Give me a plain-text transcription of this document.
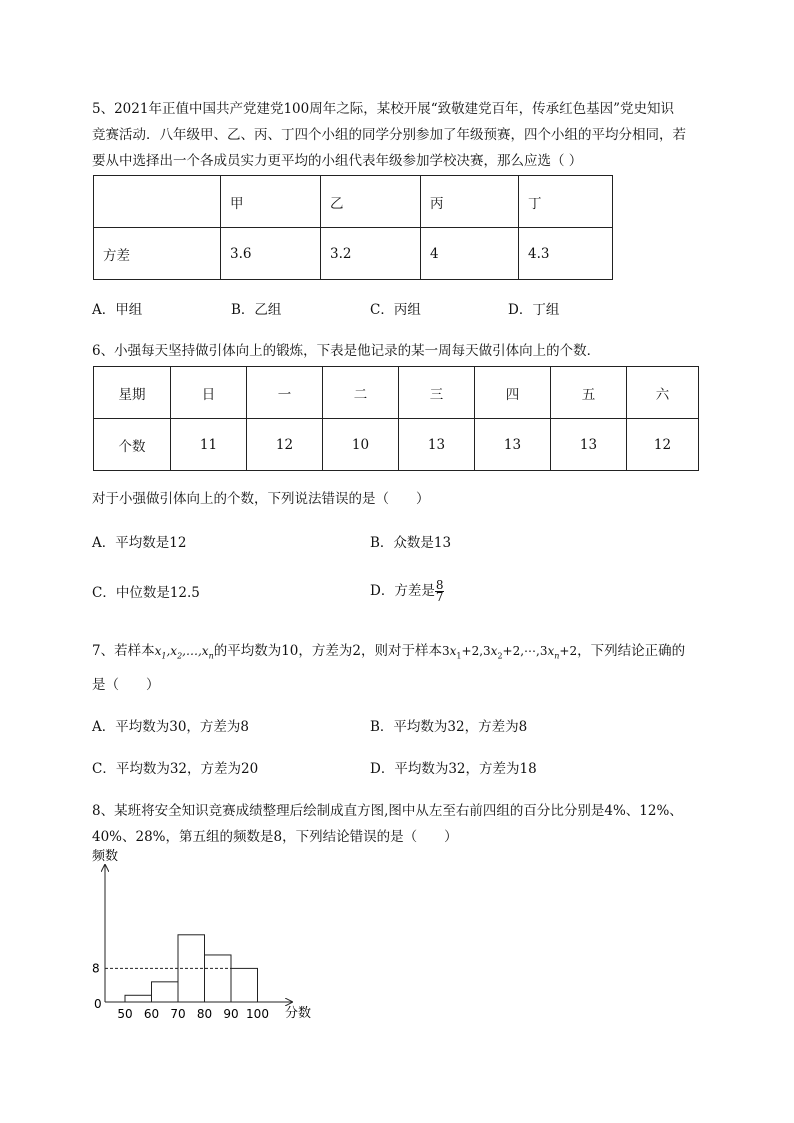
5、2021年正值中国共产党建党100周年之际，某校开展“致敬建党百年，传承红色基因”党史知识
竞赛活动．八年级甲、乙、丙、丁四个小组的同学分别参加了年级预赛，四个小组的平均分相同，若
要从中选择出一个各成员实力更平均的小组代表年级参加学校决赛，那么应选（ ）
	甲	乙	丙	丁
方差	3.6	3.2	4	4.3
A．甲组	B．乙组	C．丙组	D．丁组
6、小强每天坚持做引体向上的锻炼，下表是他记录的某一周每天做引体向上的个数．
星期	日	一	二	三	四	五	六
个数	11	12	10	13	13	13	12
对于小强做引体向上的个数，下列说法错误的是（　　）
A．平均数是12	B．众数是13
C．中位数是12.5	D．方差是 $\frac{8}{7}$
7、若样本$x_1,x_2,\dots,x_n$的平均数为10，方差为2，则对于样本$3x_1+2,3x_2+2,\cdots,3x_n+2$，下列结论正确的
是（　　）
A．平均数为30，方差为8	B．平均数为32，方差为8
C．平均数为32，方差为20	D．平均数为32，方差为18
8、某班将安全知识竞赛成绩整理后绘制成直方图,图中从左至右前四组的百分比分别是4%、12%、
40%、28%，第五组的频数是8，下列结论错误的是（　　）
频数
分数
50 60 70 80 90 100
0
8
